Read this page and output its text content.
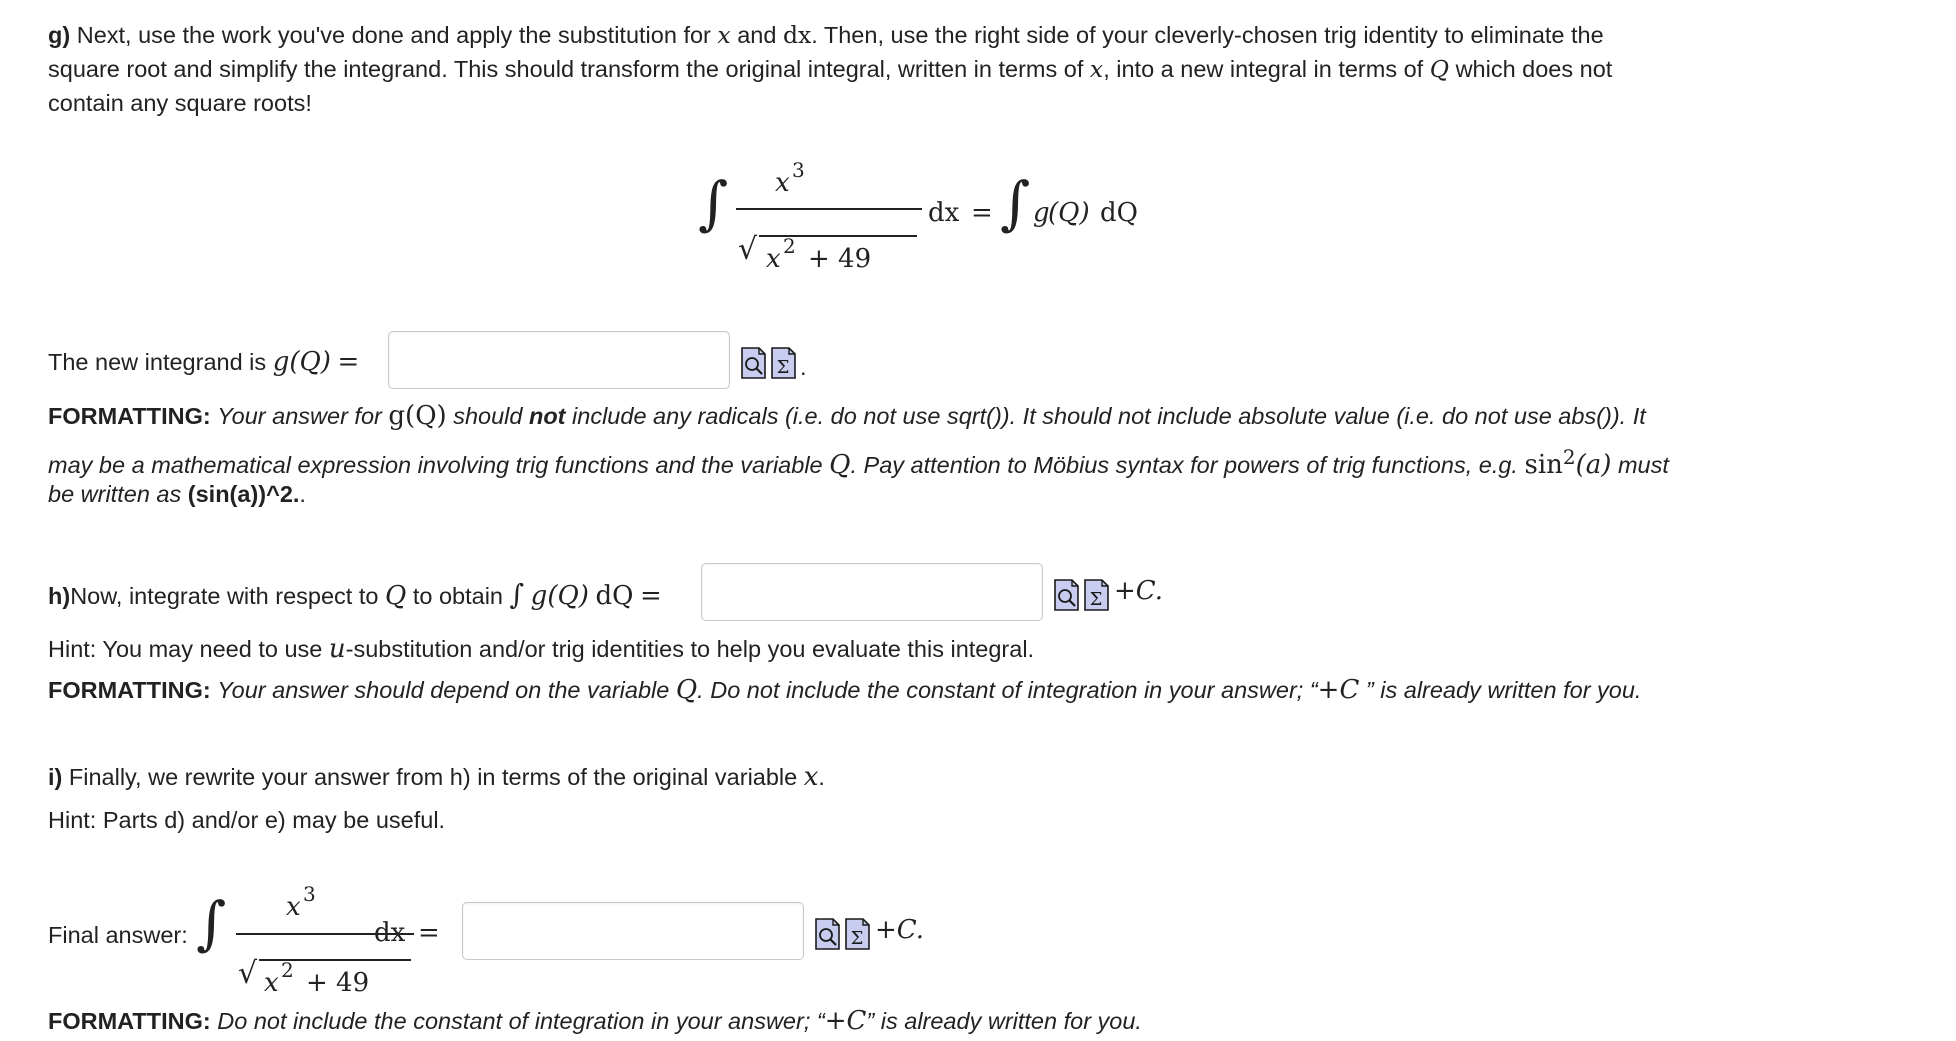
g) Next, use the work you've done and apply the substitution for x and dx. Then, use the right side of your cleverly-chosen trig identity to eliminate the
square root and simplify the integrand. This should transform the original integral, written in terms of x, into a new integral in terms of Q which does not
contain any square roots!
∫ x 3
√ x 2 + 49
dx = ∫ g
(Q) dQ
The new integrand is g(Q) =	Σ .
FORMATTING: Your answer for g(Q) should not include any radicals (i.e. do not use sqrt()). It should not include absolute value (i.e. do not use abs()). It
may be a mathematical expression involving trig functions and the variable Q. Pay attention to Möbius syntax for powers of trig functions, e.g. $\sin^2(a)$ must
be written as (sin(a))^2..
h)Now, integrate with respect to Q to obtain ∫ g(Q) dQ =	Σ +C.
Hint: You may need to use u-substitution and/or trig identities to help you evaluate this integral.
FORMATTING: Your answer should depend on the variable Q. Do not include the constant of integration in your answer; “+C ” is already written for you.
i) Finally, we rewrite your answer from h) in terms of the original variable x.
Hint: Parts d) and/or e) may be useful.
Final answer: ∫ x 3
√ x 2 + 49
dx =	Σ +C.
FORMATTING: Do not include the constant of integration in your answer; “+C” is already written for you.
